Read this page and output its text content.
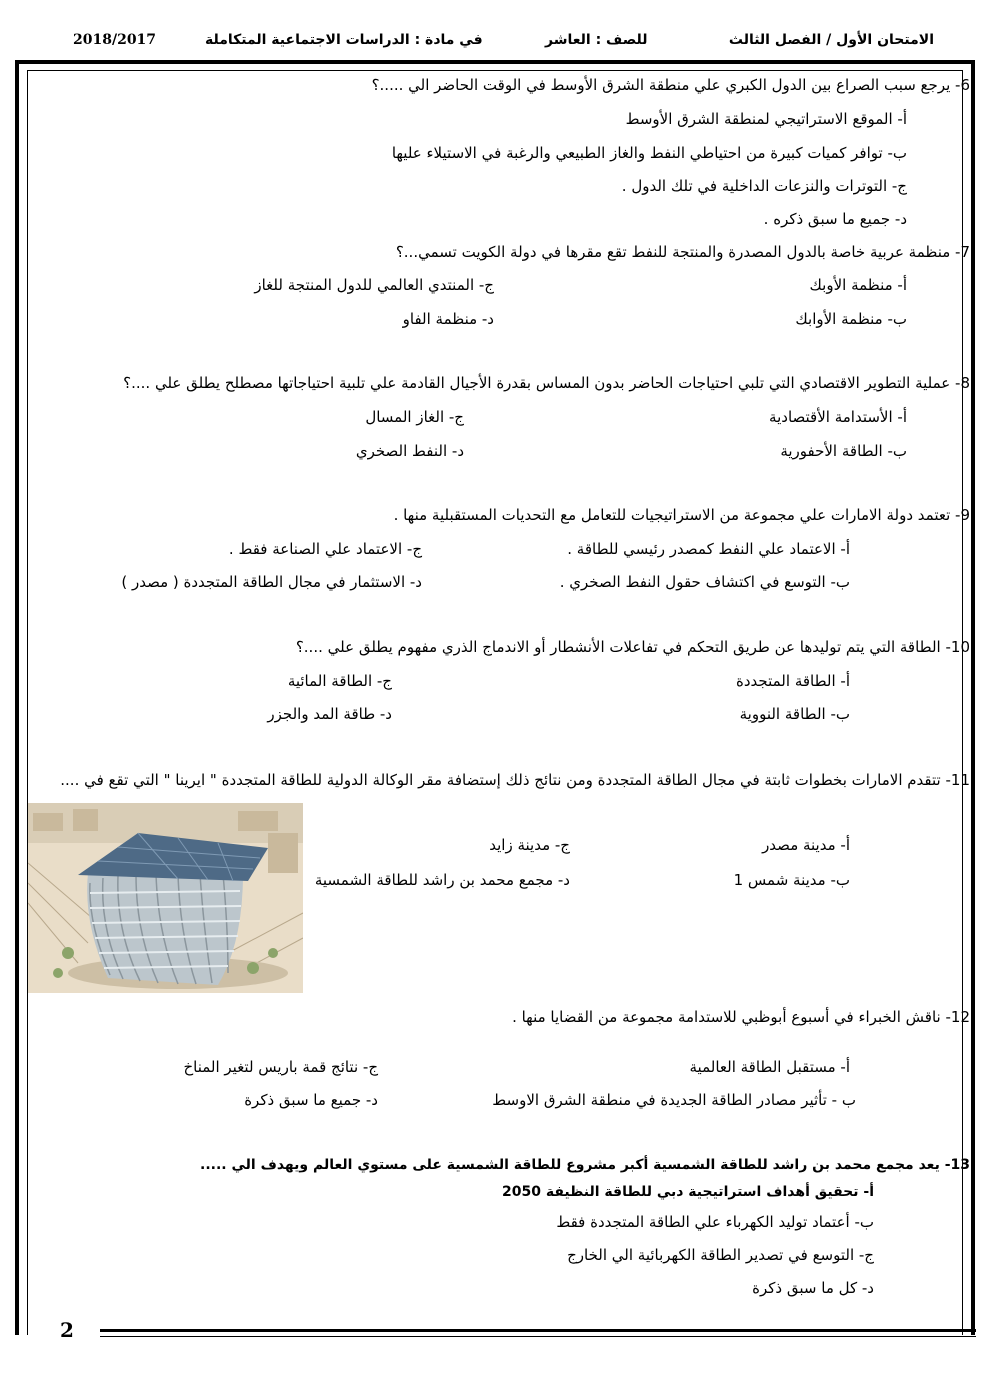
الامتحان الأول / الفصل الثالث
للصف : العاشر
في مادة : الدراسات الاجتماعية المتكاملة
2018/2017
2
6- يرجع سبب الصراع بين الدول الكبري علي منطقة الشرق الأوسط في الوقت الحاضر الي .....؟
أ- الموقع الاستراتيجي لمنطقة الشرق الأوسط
ب- توافر كميات كبيرة من احتياطي النفط والغاز الطبيعي والرغبة في الاستيلاء عليها
ج- التوترات والنزعات الداخلية في تلك الدول .
د- جميع ما سبق ذكره .
7- منظمة عربية خاصة بالدول المصدرة والمنتجة للنفط تقع مقرها في دولة الكويت تسمي...؟
أ- منظمة الأوبك
ج- المنتدي العالمي للدول المنتجة للغاز
ب- منظمة الأوابك
د- منظمة الفاو
8- عملية التطوير الاقتصادي التي تلبي احتياجات الحاضر بدون المساس بقدرة الأجيال القادمة علي تلبية احتياجاتها مصطلح يطلق علي ....؟
أ- الأستدامة الأقتصادية
ج- الغاز المسال
ب- الطاقة الأحفورية
د- النفط الصخري
9- تعتمد دولة الامارات علي مجموعة من الاستراتيجيات للتعامل مع التحديات المستقبلية منها .
أ- الاعتماد علي النفط كمصدر رئيسي للطاقة .
ج- الاعتماد علي الصناعة فقط .
ب- التوسع في اكتشاف حقول النفط الصخري .
د- الاستثمار في مجال الطاقة المتجددة ( مصدر )
10- الطاقة التي يتم توليدها عن طريق التحكم في تفاعلات الأنشطار أو الاندماج الذري مفهوم يطلق علي ....؟
أ- الطاقة المتجددة
ج- الطاقة المائية
ب- الطاقة النووية
د- طاقة المد والجزر
11- تتقدم الامارات بخطوات ثابتة في مجال الطاقة المتجددة ومن نتائج ذلك إستضافة مقر الوكالة الدولية للطاقة المتجددة " ايرينا " التي تقع في ....
أ- مدينة مصدر
ج- مدينة زايد
ب- مدينة شمس 1
د- مجمع محمد بن راشد للطاقة الشمسية
12- ناقش الخبراء في أسبوع أبوظبي للاستدامة مجموعة من القضايا منها .
أ- مستقبل الطاقة العالمية
ج- نتائج قمة باريس لتغير المناخ
ب - تأثير مصادر الطاقة الجديدة في منطقة الشرق الاوسط
د- جميع ما سبق ذكرة
13- يعد مجمع محمد بن راشد للطاقة الشمسية أكبر مشروع للطاقة الشمسية على مستوي العالم ويهدف الي .....
أ- تحقيق أهداف استراتيجية دبي للطاقة النظيفة 2050
ب- أعتماد توليد الكهرباء علي الطاقة المتجددة فقط
ج- التوسع في تصدير الطاقة الكهربائية الي الخارج
د- كل ما سبق ذكرة
